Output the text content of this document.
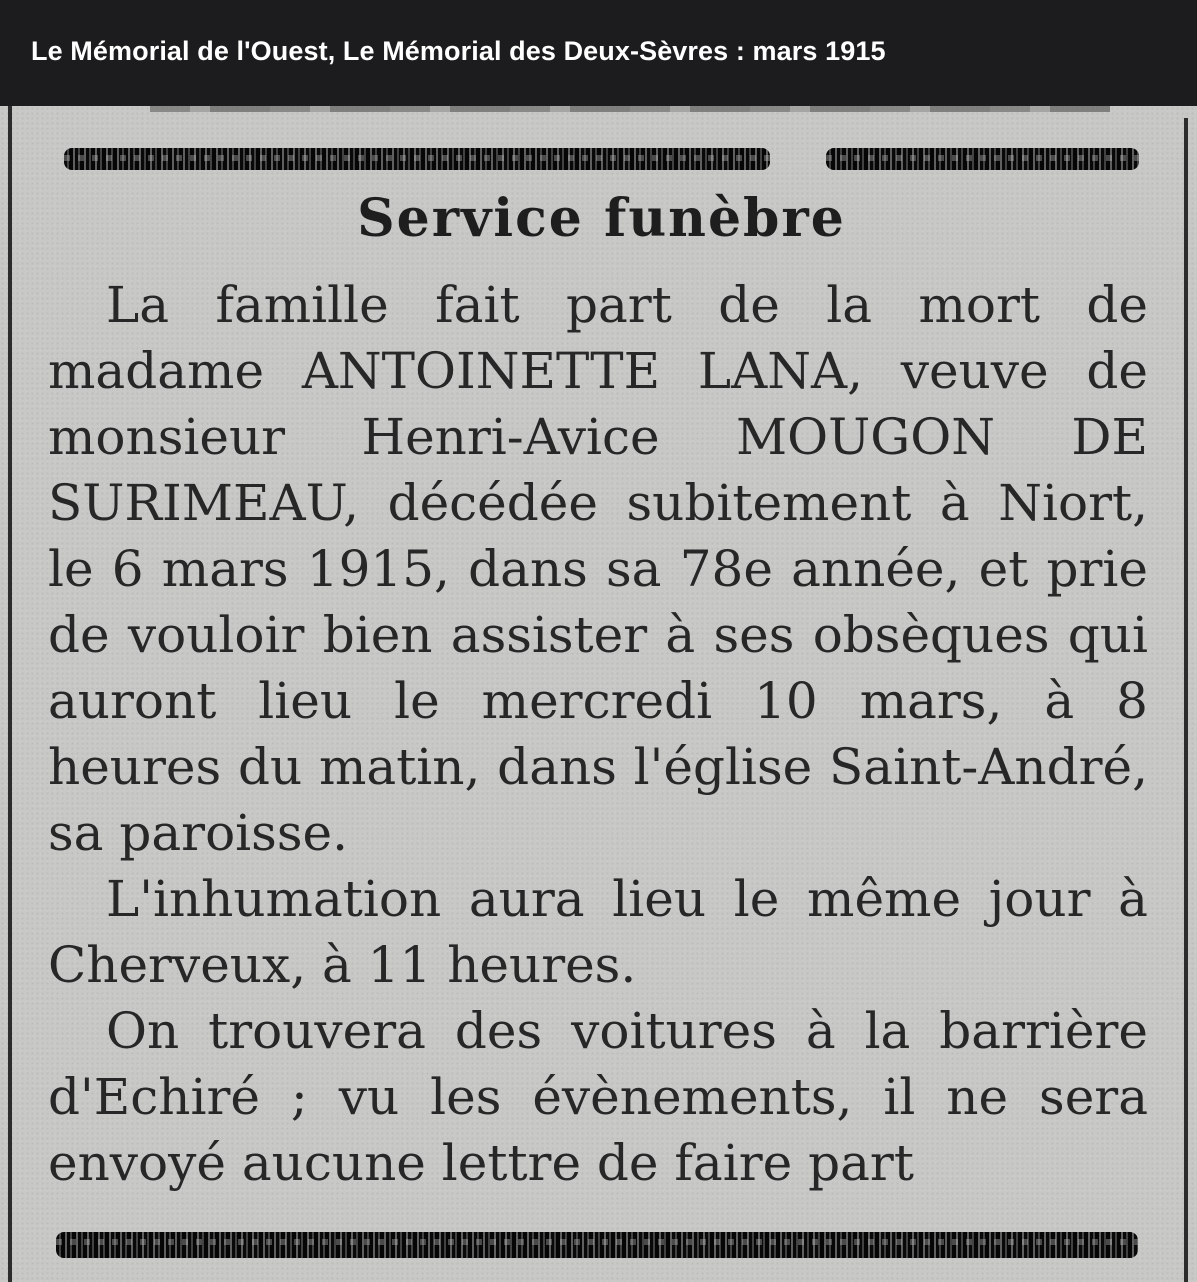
Le Mémorial de l'Ouest, Le Mémorial des Deux-Sèvres : mars 1915
Service funèbre

La famille fait part de la mort de madame ANTOINETTE LANA, veuve de monsieur Henri-Avice MOUGON DE SURIMEAU, décédée subitement à Niort, le 6 mars 1915, dans sa 78e année, et prie de vouloir bien assister à ses obsèques qui auront lieu le mercredi 10 mars, à 8 heures du matin, dans l'église Saint-André, sa paroisse.

L'inhumation aura lieu le même jour à Cherveux, à 11 heures.

On trouvera des voitures à la barrière d'Echiré ; vu les évènements, il ne sera envoyé aucune lettre de faire part
